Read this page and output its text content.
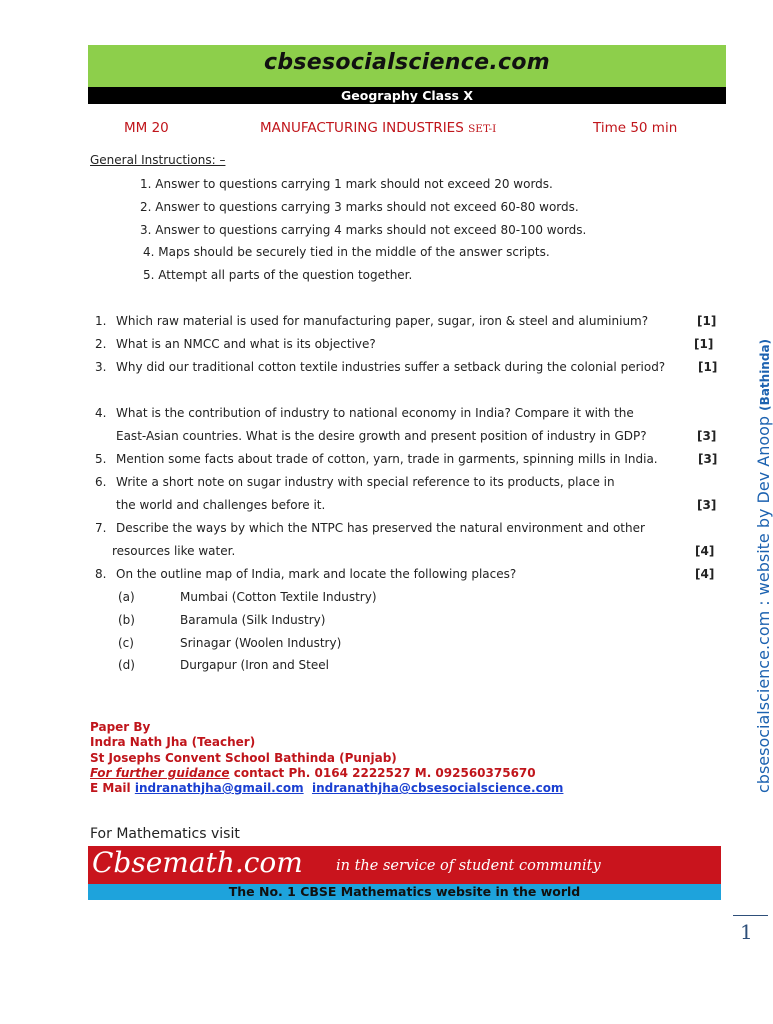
cbsesocialscience.com
Geography Class X
MM 20	MANUFACTURING INDUSTRIES SET-I	Time 50 min
General Instructions: –
1. Answer to questions carrying 1 mark should not exceed 20 words.
2. Answer to questions carrying 3 marks should not exceed 60-80 words.
3. Answer to questions carrying 4 marks should not exceed 80-100 words.
4. Maps should be securely tied in the middle of the answer scripts.
5. Attempt all parts of the question together.
1. Which raw material is used for manufacturing paper, sugar, iron & steel and aluminium?	[1]
2. What is an NMCC and what is its objective?	[1]
3. Why did our traditional cotton textile industries suffer a setback during the colonial period?	[1]
4. What is the contribution of industry to national economy in India? Compare it with the
East-Asian countries. What is the desire growth and present position of industry in GDP?	[3]
5. Mention some facts about trade of cotton, yarn, trade in garments, spinning mills in India.	[3]
6. Write a short note on sugar industry with special reference to its products, place in
the world and challenges before it.	[3]
7. Describe the ways by which the NTPC has preserved the natural environment and other
resources like water.	[4]
8. On the outline map of India, mark and locate the following places?	[4]
(a)	Mumbai (Cotton Textile Industry)
(b)	Baramula (Silk Industry)
(c)	Srinagar (Woolen Industry)
(d)	Durgapur (Iron and Steel
Paper By
Indra Nath Jha (Teacher)
St Josephs Convent School Bathinda (Punjab)
For further guidance contact Ph. 0164 2222527 M. 092560375670
E Mail indranathjha@gmail.com indranathjha@cbsesocialscience.com
For Mathematics visit
Cbsemath.com in the service of student community
The No. 1 CBSE Mathematics website in the world
cbsesocialscience.com : website by Dev Anoop (Bathinda)
1
